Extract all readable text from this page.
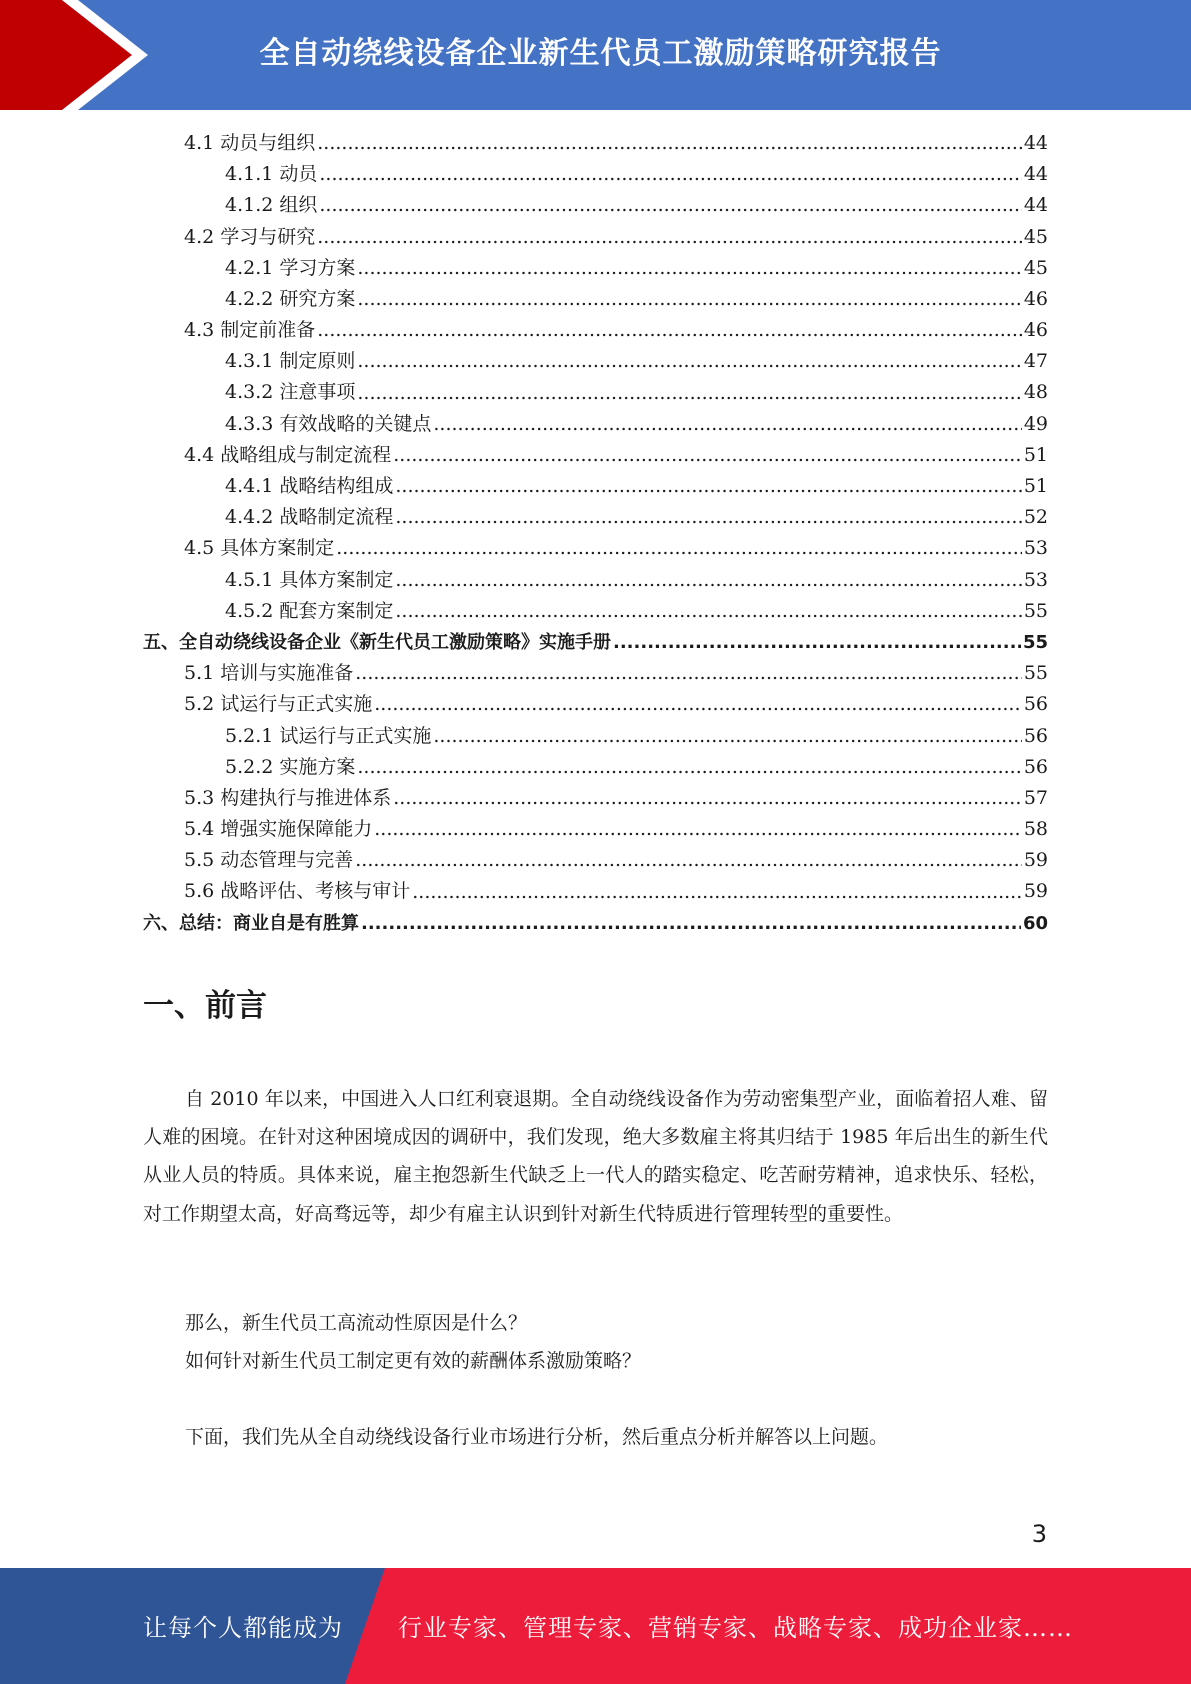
全自动绕线设备企业新生代员工激励策略研究报告
4.1 动员与组织 .....	44
4.1.1 动员 .....	44
4.1.2 组织 .....	44
4.2 学习与研究 .....	45
4.2.1 学习方案 .....	45
4.2.2 研究方案 .....	46
4.3 制定前准备 .....	46
4.3.1 制定原则 .....	47
4.3.2 注意事项 .....	48
4.3.3 有效战略的关键点 .....	49
4.4 战略组成与制定流程 .....	51
4.4.1 战略结构组成 .....	51
4.4.2 战略制定流程 .....	52
4.5 具体方案制定 .....	53
4.5.1 具体方案制定 .....	53
4.5.2 配套方案制定 .....	55
五、全自动绕线设备企业《新生代员工激励策略》实施手册 .....	55
5.1 培训与实施准备 .....	55
5.2 试运行与正式实施 .....	56
5.2.1 试运行与正式实施 .....	56
5.2.2 实施方案 .....	56
5.3 构建执行与推进体系 .....	57
5.4 增强实施保障能力 .....	58
5.5 动态管理与完善 .....	59
5.6 战略评估、考核与审计 .....	59
六、总结：商业自是有胜算 .....	60
一、前言

自 2010 年以来，中国进入人口红利衰退期。全自动绕线设备作为劳动密集型产业，面临着招人难、留人难的困境。在针对这种困境成因的调研中，我们发现，绝大多数雇主将其归结于 1985 年后出生的新生代从业人员的特质。具体来说，雇主抱怨新生代缺乏上一代人的踏实稳定、吃苦耐劳精神，追求快乐、轻松，对工作期望太高，好高骛远等，却少有雇主认识到针对新生代特质进行管理转型的重要性。

那么，新生代员工高流动性原因是什么？

如何针对新生代员工制定更有效的薪酬体系激励策略？

下面，我们先从全自动绕线设备行业市场进行分析，然后重点分析并解答以上问题。

3
让每个人都能成为 行业专家、管理专家、营销专家、战略专家、成功企业家……
